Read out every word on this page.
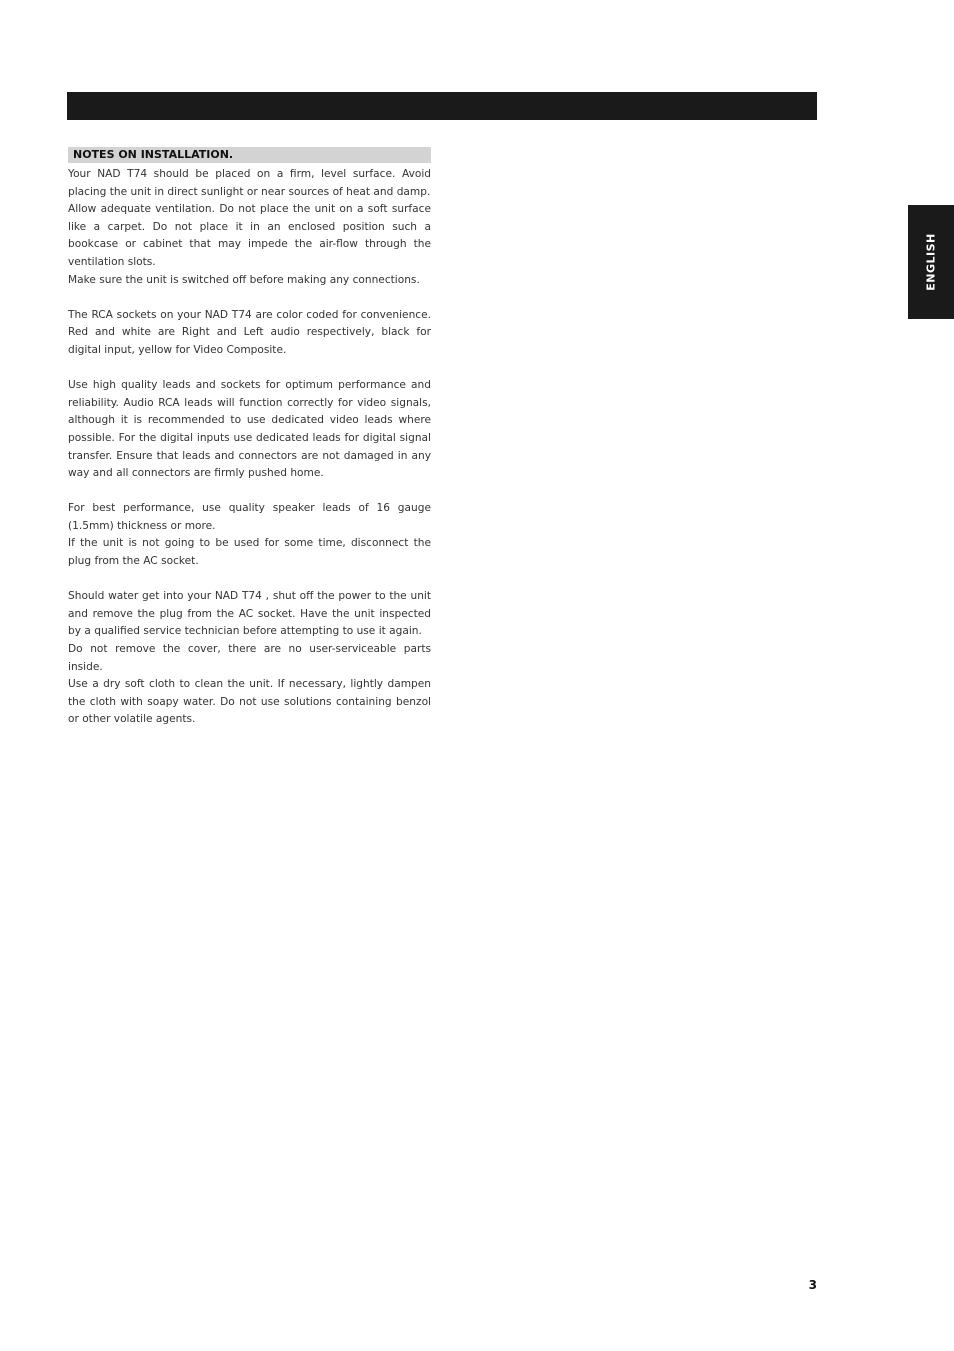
ENGLISH
NOTES ON INSTALLATION.

Your NAD T74 should be placed on a firm, level surface. Avoid placing the unit in direct sunlight or near sources of heat and damp.

Allow adequate ventilation. Do not place the unit on a soft surface like a carpet. Do not place it in an enclosed position such a bookcase or cabinet that may impede the air-flow through the ventilation slots.

Make sure the unit is switched off before making any connections.

The RCA sockets on your NAD T74 are color coded for convenience. Red and white are Right and Left audio respectively, black for digital input, yellow for Video Composite.

Use high quality leads and sockets for optimum performance and reliability. Audio RCA leads will function correctly for video signals, although it is recommended to use dedicated video leads where possible. For the digital inputs use dedicated leads for digital signal transfer. Ensure that leads and connectors are not damaged in any way and all connectors are firmly pushed home.

For best performance, use quality speaker leads of 16 gauge (1.5mm) thickness or more.

If the unit is not going to be used for some time, disconnect the plug from the AC socket.

Should water get into your NAD T74 , shut off the power to the unit and remove the plug from the AC socket. Have the unit inspected by a qualified service technician before attempting to use it again.

Do not remove the cover, there are no user-serviceable parts inside.

Use a dry soft cloth to clean the unit. If necessary, lightly dampen the cloth with soapy water. Do not use solutions containing benzol or other volatile agents.

3
